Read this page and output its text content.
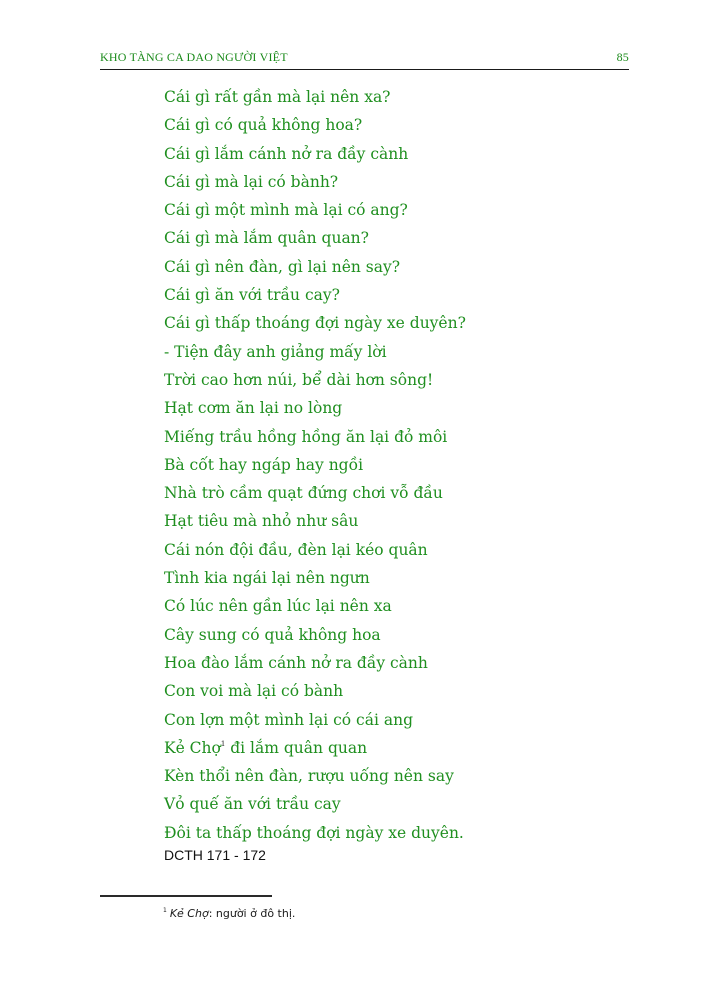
KHO TÀNG CA DAO NGƯỜI VIỆT	85
Cái gì rất gần mà lại nên xa?
Cái gì có quả không hoa?
Cái gì lắm cánh nở ra đầy cành
Cái gì mà lại có bành?
Cái gì một mình mà lại có ang?
Cái gì mà lắm quân quan?
Cái gì nên đàn, gì lại nên say?
Cái gì ăn với trầu cay?
Cái gì thấp thoáng đợi ngày xe duyên?
- Tiện đây anh giảng mấy lời
Trời cao hơn núi, bể dài hơn sông!
Hạt cơm ăn lại no lòng
Miếng trầu hồng hồng ăn lại đỏ môi
Bà cốt hay ngáp hay ngồi
Nhà trò cầm quạt đứng chơi vỗ đầu
Hạt tiêu mà nhỏ như sâu
Cái nón đội đầu, đèn lại kéo quân
Tình kia ngái lại nên ngưn
Có lúc nên gần lúc lại nên xa
Cây sung có quả không hoa
Hoa đào lắm cánh nở ra đầy cành
Con voi mà lại có bành
Con lợn một mình lại có cái ang
Kẻ Chợ$^1$ đi lắm quân quan
Kèn thổi nên đàn, rượu uống nên say
Vỏ quế ăn với trầu cay
Đôi ta thấp thoáng đợi ngày xe duyên.
DCTH 171 - 172
$^1$ Kẻ Chợ: người ở đô thị.
